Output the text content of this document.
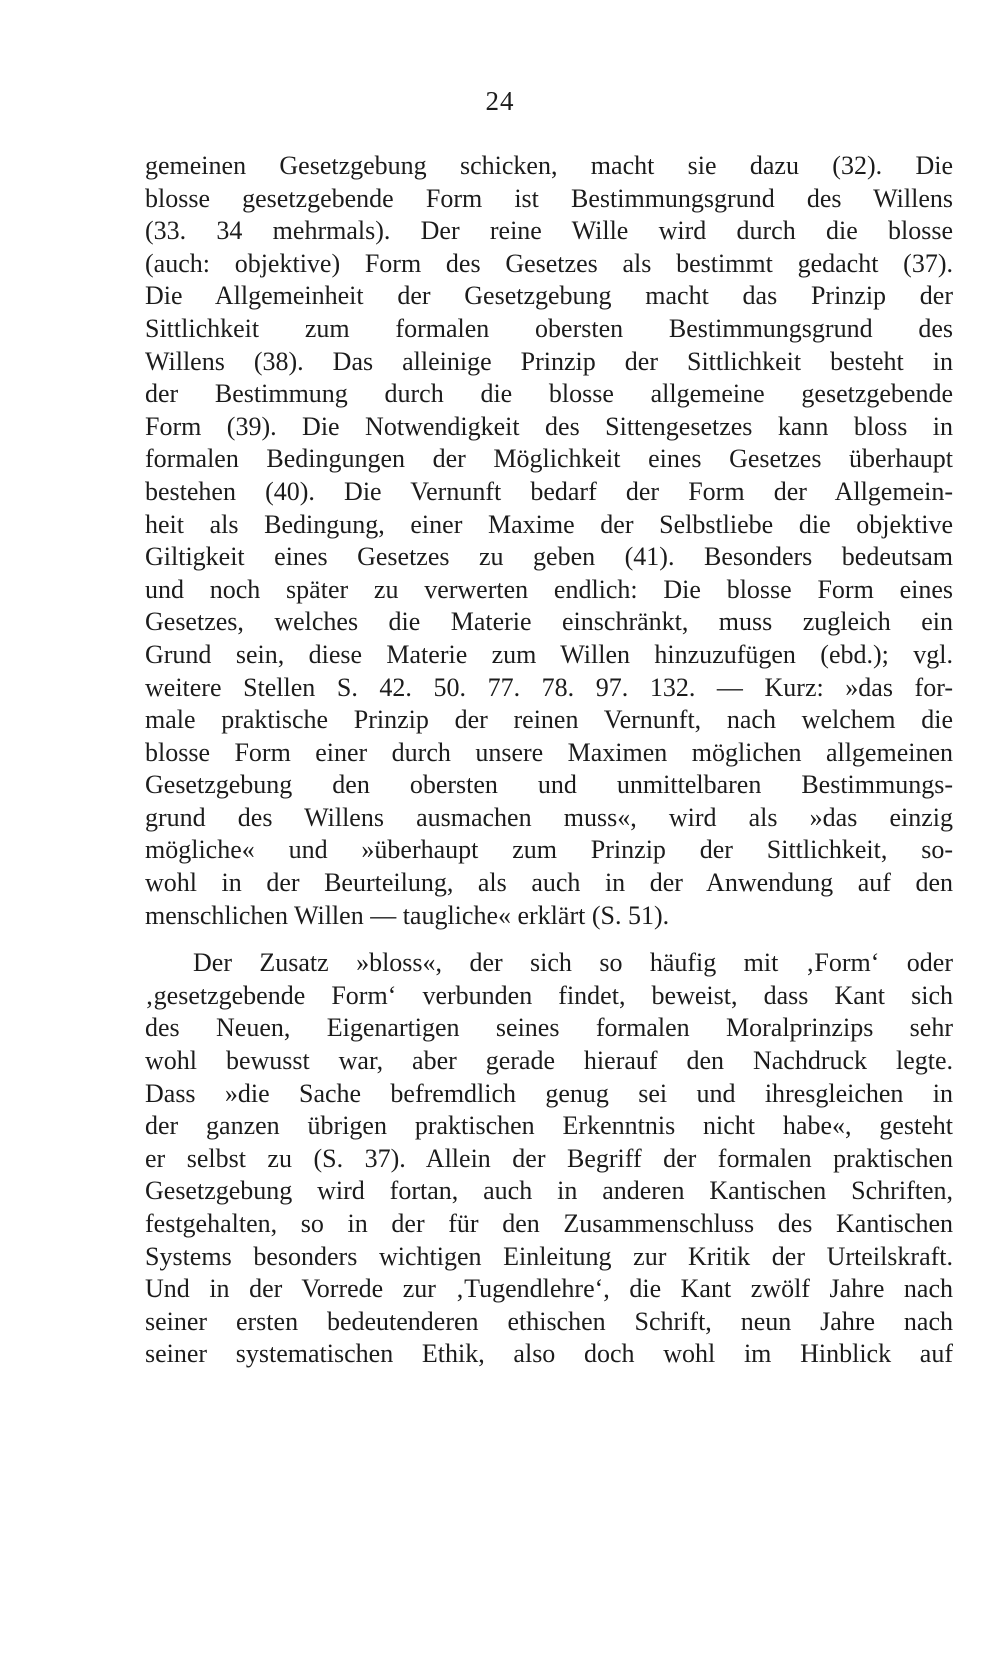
24
gemeinen Gesetzgebung schicken, macht sie dazu (32). Die
blosse gesetzgebende Form ist Bestimmungsgrund des Willens
(33. 34 mehrmals). Der reine Wille wird durch die blosse
(auch: objektive) Form des Gesetzes als bestimmt gedacht (37).
Die Allgemeinheit der Gesetzgebung macht das Prinzip der
Sittlichkeit zum formalen obersten Bestimmungsgrund des
Willens (38). Das alleinige Prinzip der Sittlichkeit besteht in
der Bestimmung durch die blosse allgemeine gesetzgebende
Form (39). Die Notwendigkeit des Sittengesetzes kann bloss in
formalen Bedingungen der Möglichkeit eines Gesetzes überhaupt
bestehen (40). Die Vernunft bedarf der Form der Allgemein-
heit als Bedingung, einer Maxime der Selbstliebe die objektive
Giltigkeit eines Gesetzes zu geben (41). Besonders bedeutsam
und noch später zu verwerten endlich: Die blosse Form eines
Gesetzes, welches die Materie einschränkt, muss zugleich ein
Grund sein, diese Materie zum Willen hinzuzufügen (ebd.); vgl.
weitere Stellen S. 42. 50. 77. 78. 97. 132. — Kurz: »das for-
male praktische Prinzip der reinen Vernunft, nach welchem die
blosse Form einer durch unsere Maximen möglichen allgemeinen
Gesetzgebung den obersten und unmittelbaren Bestimmungs-
grund des Willens ausmachen muss«, wird als »das einzig
mögliche« und »überhaupt zum Prinzip der Sittlichkeit, so-
wohl in der Beurteilung, als auch in der Anwendung auf den
menschlichen Willen — taugliche« erklärt (S. 51).
Der Zusatz »bloss«, der sich so häufig mit ‚Form‘ oder
‚gesetzgebende Form‘ verbunden findet, beweist, dass Kant sich
des Neuen, Eigenartigen seines formalen Moralprinzips sehr
wohl bewusst war, aber gerade hierauf den Nachdruck legte.
Dass »die Sache befremdlich genug sei und ihresgleichen in
der ganzen übrigen praktischen Erkenntnis nicht habe«, gesteht
er selbst zu (S. 37). Allein der Begriff der formalen praktischen
Gesetzgebung wird fortan, auch in anderen Kantischen Schriften,
festgehalten, so in der für den Zusammenschluss des Kantischen
Systems besonders wichtigen Einleitung zur Kritik der Urteilskraft.
Und in der Vorrede zur ‚Tugendlehre‘, die Kant zwölf Jahre nach
seiner ersten bedeutenderen ethischen Schrift, neun Jahre nach
seiner systematischen Ethik, also doch wohl im Hinblick auf
